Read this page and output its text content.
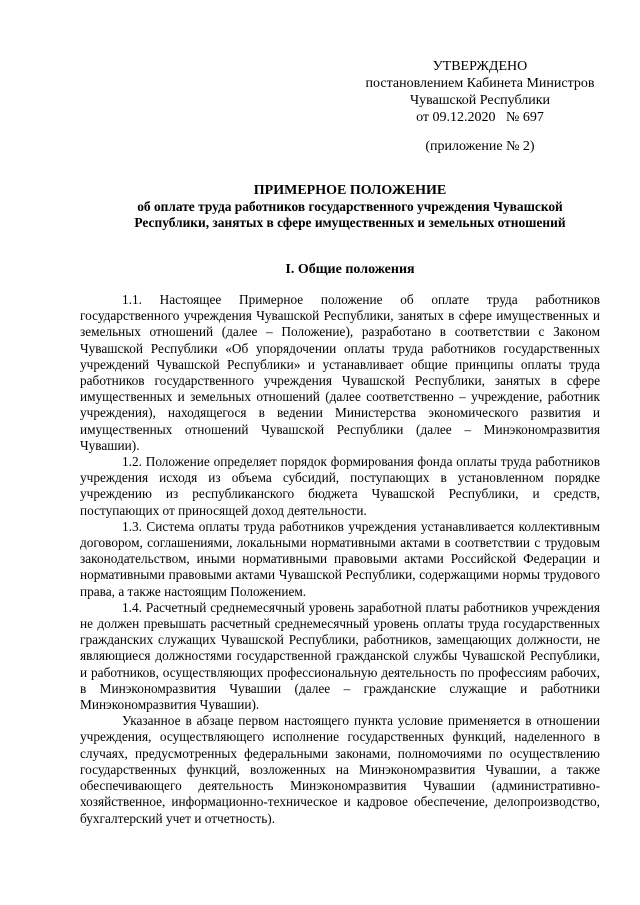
УТВЕРЖДЕНО
постановлением Кабинета Министров
Чувашской Республики
от 09.12.2020   № 697
(приложение № 2)
ПРИМЕРНОЕ ПОЛОЖЕНИЕ
об оплате труда работников государственного учреждения Чувашской
Республики, занятых в сфере имущественных и земельных отношений
I. Общие положения

1.1. Настоящее Примерное положение об оплате труда работников государственного учреждения Чувашской Республики, занятых в сфере имущественных и земельных отношений (далее – Положение), разработано в соответствии с Законом Чувашской Республики «Об упорядочении оплаты труда работников государственных учреждений Чувашской Республики» и устанавливает общие принципы оплаты труда работников государственного учреждения Чувашской Республики, занятых в сфере имущественных и земельных отношений (далее соответственно – учреждение, работник учреждения), находящегося в ведении Министерства экономического развития и имущественных отношений Чувашской Республики (далее – Минэкономразвития Чувашии).

1.2. Положение определяет порядок формирования фонда оплаты труда работников учреждения исходя из объема субсидий, поступающих в установленном порядке учреждению из республиканского бюджета Чувашской Республики, и средств, поступающих от приносящей доход деятельности.

1.3. Система оплаты труда работников учреждения устанавливается коллективным договором, соглашениями, локальными нормативными актами в соответствии с трудовым законодательством, иными нормативными правовыми актами Российской Федерации и нормативными правовыми актами Чувашской Республики, содержащими нормы трудового права, а также настоящим Положением.

1.4. Расчетный среднемесячный уровень заработной платы работников учреждения не должен превышать расчетный среднемесячный уровень оплаты труда государственных гражданских служащих Чувашской Республики, работников, замещающих должности, не являющиеся должностями государственной гражданской службы Чувашской Республики, и работников, осуществляющих профессиональную деятельность по профессиям рабочих, в Минэкономразвития Чувашии (далее – гражданские служащие и работники Минэкономразвития Чувашии).

Указанное в абзаце первом настоящего пункта условие применяется в отношении учреждения, осуществляющего исполнение государственных функций, наделенного в случаях, предусмотренных федеральными законами, полномочиями по осуществлению государственных функций, возложенных на Минэкономразвития Чувашии, а также обеспечивающего деятельность Минэкономразвития Чувашии (административно-хозяйственное, информационно-техническое и кадровое обеспечение, делопроизводство, бухгалтерский учет и отчетность).
